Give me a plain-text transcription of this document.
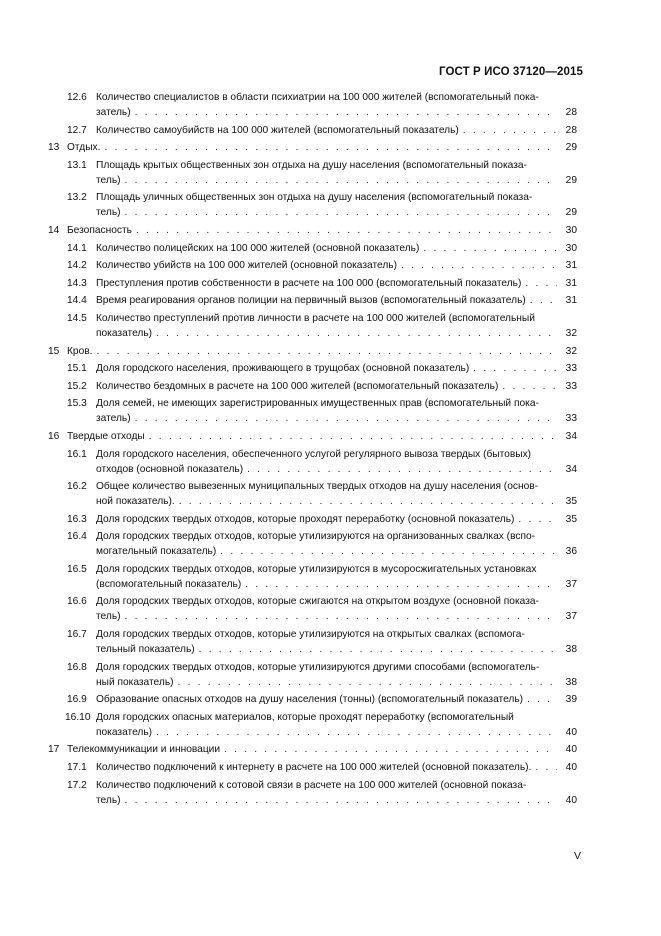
ГОСТ Р ИСО 37120—2015
12.6 Количество специалистов в области психиатрии на 100 000 жителей (вспомогательный пока-
затель) . . .	28
12.7 Количество самоубийств на 100 000 жителей (вспомогательный показатель) . . .	28
13 Отдых. . . .	29
13.1 Площадь крытых общественных зон отдыха на душу населения (вспомогательный показа-
тель) . . .	29
13.2 Площадь уличных общественных зон отдыха на душу населения (вспомогательный показа-
тель) . . .	29
14 Безопасность . . .	30
14.1 Количество полицейских на 100 000 жителей (основной показатель) . . .	30
14.2 Количество убийств на 100 000 жителей (основной показатель) . . .	31
14.3 Преступления против собственности в расчете на 100 000 (вспомогательный показатель) . . .	31
14.4 Время реагирования органов полиции на первичный вызов (вспомогательный показатель) . . .	31
14.5 Количество преступлений против личности в расчете на 100 000 жителей (вспомогательный
показатель) . . .	32
15 Кров. . . .	32
15.1 Доля городского населения, проживающего в трущобах (основной показатель) . . .	33
15.2 Количество бездомных в расчете на 100 000 жителей (вспомогательный показатель) . . .	33
15.3 Доля семей, не имеющих зарегистрированных имущественных прав (вспомогательный пока-
затель) . . .	33
16 Твердые отходы . . .	34
16.1 Доля городского населения, обеспеченного услугой регулярного вывоза твердых (бытовых)
отходов (основной показатель) . . .	34
16.2 Общее количество вывезенных муниципальных твердых отходов на душу населения (основ-
ной показатель). . . .	35
16.3 Доля городских твердых отходов, которые проходят переработку (основной показатель) . . .	35
16.4 Доля городских твердых отходов, которые утилизируются на организованных свалках (вспо-
могательный показатель) . . .	36
16.5 Доля городских твердых отходов, которые утилизируются в мусоросжигательных установках
(вспомогательный показатель) . . .	37
16.6 Доля городских твердых отходов, которые сжигаются на открытом воздухе (основной показа-
тель) . . .	37
16.7 Доля городских твердых отходов, которые утилизируются на открытых свалках (вспомога-
тельный показатель) . . .	38
16.8 Доля городских твердых отходов, которые утилизируются другими способами (вспомогатель-
ный показатель) . . .	38
16.9 Образование опасных отходов на душу населения (тонны) (вспомогательный показатель) . . .	39
16.10 Доля городских опасных материалов, которые проходят переработку (вспомогательный
показатель) . . .	40
17 Телекоммуникации и инновации . . .	40
17.1 Количество подключений к интернету в расчете на 100 000 жителей (основной показатель). . . .	40
17.2 Количество подключений к сотовой связи в расчете на 100 000 жителей (основной показа-
тель) . . .	40
V
